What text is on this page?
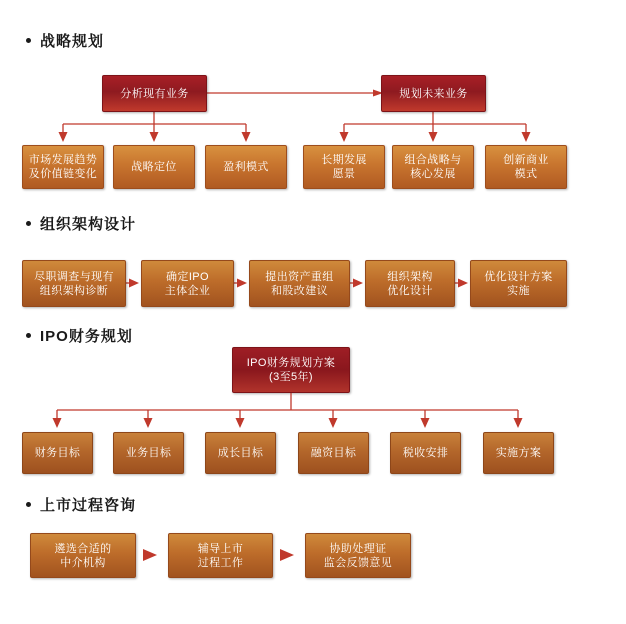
战略规划
分析现有业务	规划未来业务
市场发展趋势
及价值链变化
战略定位	盈利模式
长期发展
愿景
组合战略与
核心发展
创新商业
模式
组织架构设计
尽职调查与现有
组织架构诊断
确定IPO
主体企业
提出资产重组
和股改建议
组织架构
优化设计
优化设计方案
实施
IPO财务规划
IPO财务规划方案
(3至5年)
财务目标	业务目标	成长目标	融资目标	税收安排	实施方案
上市过程咨询
遴选合适的
中介机构
辅导上市
过程工作
协助处理证
监会反馈意见
